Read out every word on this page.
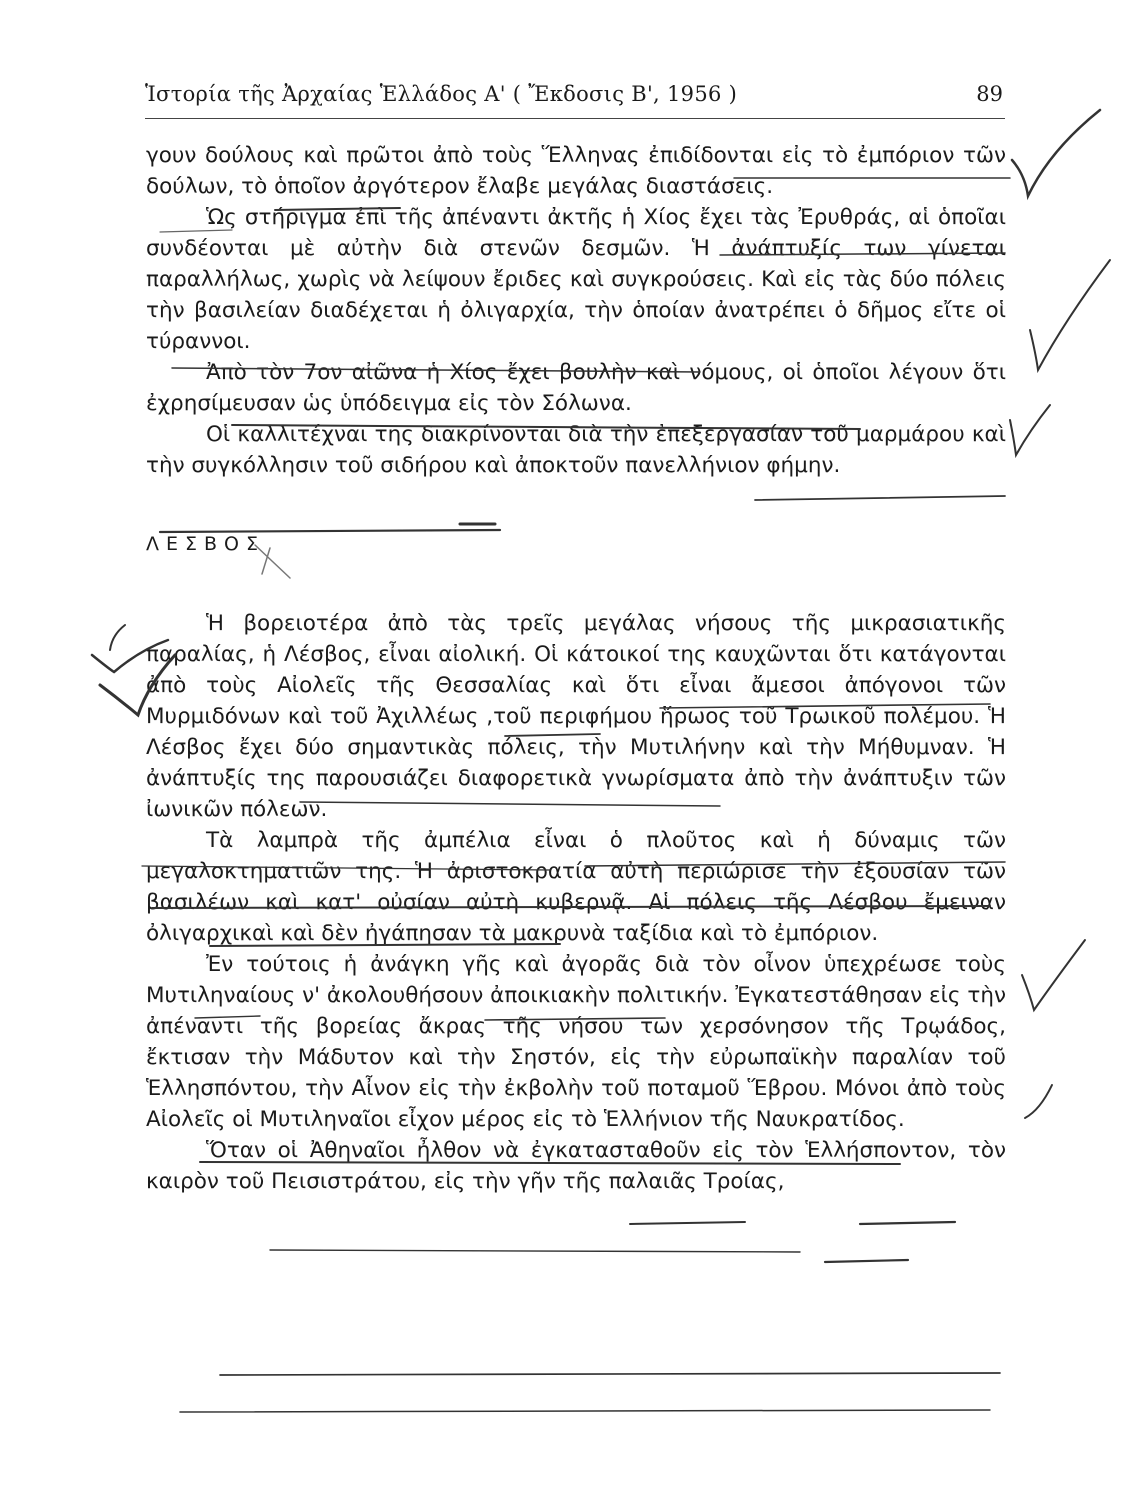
Ἱστορία τῆς Ἀρχαίας Ἑλλάδος Α' ( Ἔκδοσις Β', 1956 )	89

γουν δούλους καὶ πρῶτοι ἀπὸ τοὺς Ἕλληνας ἐπιδίδονται εἰς τὸ ἐμπόριον τῶν δούλων, τὸ ὁποῖον ἀργότερον ἔλαβε μεγάλας διαστάσεις.

Ὡς στήριγμα ἐπὶ τῆς ἀπέναντι ἀκτῆς ἡ Χίος ἔχει τὰς Ἐρυθράς, αἱ ὁποῖαι συνδέονται μὲ αὐτὴν διὰ στενῶν δεσμῶν. Ἡ ἀνάπτυξίς των γίνεται παραλλήλως, χωρὶς νὰ λείψουν ἔριδες καὶ συγκρούσεις. Καὶ εἰς τὰς δύο πόλεις τὴν βασιλείαν διαδέχεται ἡ ὀλιγαρχία, τὴν ὁποίαν ἀνατρέπει ὁ δῆμος εἴτε οἱ τύραννοι.

Ἀπὸ τὸν 7ον αἰῶνα ἡ Χίος ἔχει βουλὴν καὶ νόμους, οἱ ὁποῖοι λέγουν ὅτι ἐχρησίμευσαν ὡς ὑπόδειγμα εἰς τὸν Σόλωνα.

Οἱ καλλιτέχναι της διακρίνονται διὰ τὴν ἐπεξεργασίαν τοῦ μαρμάρου καὶ τὴν συγκόλλησιν τοῦ σιδήρου καὶ ἀποκτοῦν πανελλήνιον φήμην.

ΛΕΣΒΟΣ

Ἡ βορειοτέρα ἀπὸ τὰς τρεῖς μεγάλας νήσους τῆς μικρασιατικῆς παραλίας, ἡ Λέσβος, εἶναι αἰολική. Οἱ κάτοικοί της καυχῶνται ὅτι κατάγονται ἀπὸ τοὺς Αἰολεῖς τῆς Θεσσαλίας καὶ ὅτι εἶναι ἄμεσοι ἀπόγονοι τῶν Μυρμιδόνων καὶ τοῦ Ἀχιλλέως ,τοῦ περιφήμου ἥρωος τοῦ Τρωικοῦ πολέμου. Ἡ Λέσβος ἔχει δύο σημαντικὰς πόλεις, τὴν Μυτιλήνην καὶ τὴν Μήθυμναν. Ἡ ἀνάπτυξίς της παρουσιάζει διαφορετικὰ γνωρίσματα ἀπὸ τὴν ἀνάπτυξιν τῶν ἰωνικῶν πόλεων.

Τὰ λαμπρὰ τῆς ἀμπέλια εἶναι ὁ πλοῦτος καὶ ἡ δύναμις τῶν μεγαλοκτηματιῶν της. Ἡ ἀριστοκρατία αὐτὴ περιώρισε τὴν ἐξουσίαν τῶν βασιλέων καὶ κατ' οὐσίαν αὐτὴ κυβερνᾷ. Αἱ πόλεις τῆς Λέσβου ἔμειναν ὀλιγαρχικαὶ καὶ δὲν ἠγάπησαν τὰ μακρυνὰ ταξίδια καὶ τὸ ἐμπόριον.

Ἐν τούτοις ἡ ἀνάγκη γῆς καὶ ἀγορᾶς διὰ τὸν οἶνον ὑπεχρέωσε τοὺς Μυτιληναίους ν' ἀκολουθήσουν ἀποικιακὴν πολιτικήν. Ἐγκατεστάθησαν εἰς τὴν ἀπέναντι τῆς βορείας ἄκρας τῆς νήσου των χερσόνησον τῆς Τρῳάδος, ἔκτισαν τὴν Μάδυτον καὶ τὴν Σηστόν, εἰς τὴν εὐρωπαϊκὴν παραλίαν τοῦ Ἑλλησπόντου, τὴν Αἶνον εἰς τὴν ἐκβολὴν τοῦ ποταμοῦ Ἕβρου. Μόνοι ἀπὸ τοὺς Αἰολεῖς οἱ Μυτιληναῖοι εἶχον μέρος εἰς τὸ Ἑλλήνιον τῆς Ναυκρατίδος.

Ὅταν οἱ Ἀθηναῖοι ἦλθον νὰ ἐγκατασταθοῦν εἰς τὸν Ἑλλήσποντον, τὸν καιρὸν τοῦ Πεισιστράτου, εἰς τὴν γῆν τῆς παλαιᾶς Τροίας,
